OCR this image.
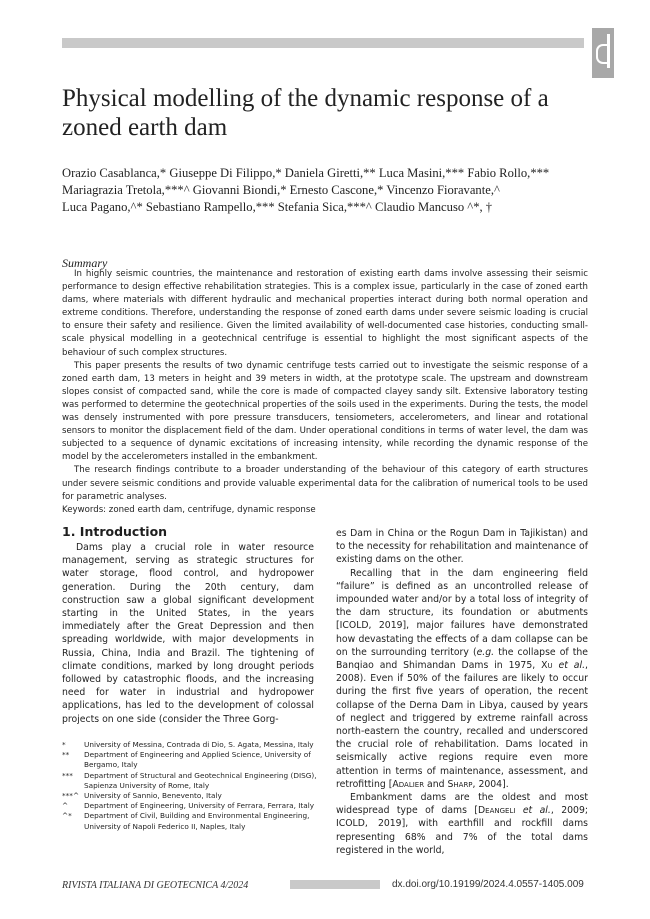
Physical modelling of the dynamic response of a zoned earth dam
Orazio Casablanca,* Giuseppe Di Filippo,* Daniela Giretti,** Luca Masini,*** Fabio Rollo,***
Mariagrazia Tretola,***^ Giovanni Biondi,* Ernesto Cascone,* Vincenzo Fioravante,^
Luca Pagano,^* Sebastiano Rampello,*** Stefania Sica,***^ Claudio Mancuso ^*, †
Summary

In highly seismic countries, the maintenance and restoration of existing earth dams involve assessing their seismic performance to design effective rehabilitation strategies. This is a complex issue, particularly in the case of zoned earth dams, where materials with different hydraulic and mechanical properties interact during both normal operation and extreme conditions. Therefore, understanding the response of zoned earth dams under severe seismic loading is crucial to ensure their safety and resilience. Given the limited availability of well-documented case histories, conducting small-scale physical modelling in a geotechnical centrifuge is essential to highlight the most significant aspects of the behaviour of such complex structures.

This paper presents the results of two dynamic centrifuge tests carried out to investigate the seismic response of a zoned earth dam, 13 meters in height and 39 meters in width, at the prototype scale. The upstream and downstream slopes consist of compacted sand, while the core is made of compacted clayey sandy silt. Extensive laboratory testing was performed to determine the geotechnical properties of the soils used in the experiments. During the tests, the model was densely instrumented with pore pressure transducers, tensiometers, accelerometers, and linear and rotational sensors to monitor the displacement field of the dam. Under operational conditions in terms of water level, the dam was subjected to a sequence of dynamic excitations of increasing intensity, while recording the dynamic response of the model by the accelerometers installed in the embankment.

The research findings contribute to a broader understanding of the behaviour of this category of earth structures under severe seismic conditions and provide valuable experimental data for the calibration of numerical tools to be used for parametric analyses.

Keywords: zoned earth dam, centrifuge, dynamic response

1. Introduction

Dams play a crucial role in water resource management, serving as strategic structures for water storage, flood control, and hydropower generation. During the 20th century, dam construction saw a global significant development starting in the United States, in the years immediately after the Great Depression and then spreading worldwide, with major developments in Russia, China, India and Brazil. The tightening of climate conditions, marked by long drought periods followed by catastrophic floods, and the increasing need for water in industrial and hydropower applications, has led to the development of colossal projects on one side (consider the Three Gorg-

es Dam in China or the Rogun Dam in Tajikistan) and to the necessity for rehabilitation and maintenance of existing dams on the other.

Recalling that in the dam engineering field “failure” is defined as an uncontrolled release of impounded water and/or by a total loss of integrity of the dam structure, its foundation or abutments [ICOLD, 2019], major failures have demonstrated how devastating the effects of a dam collapse can be on the surrounding territory (e.g. the collapse of the Banqiao and Shimandan Dams in 1975, Xu et al., 2008). Even if 50% of the failures are likely to occur during the first five years of operation, the recent collapse of the Derna Dam in Libya, caused by years of neglect and triggered by extreme rainfall across north-eastern the country, recalled and underscored the crucial role of rehabilitation. Dams located in seismically active regions require even more attention in terms of maintenance, assessment, and retrofitting [Adalier and Sharp, 2004].

Embankment dams are the oldest and most widespread type of dams [Deangeli et al., 2009; ICOLD, 2019], with earthfill and rockfill dams representing 68% and 7% of the total dams registered in the world,

*	University of Messina, Contrada di Dio, S. Agata, Messina, Italy
**	Department of Engineering and Applied Science, University of Bergamo, Italy
***	Department of Structural and Geotechnical Engineering (DISG), Sapienza University of Rome, Italy
***^ University of Sannio, Benevento, Italy
^	Department of Engineering, University of Ferrara, Ferrara, Italy
^*	Department of Civil, Building and Environmental Engineering, University of Napoli Federico II, Naples, Italy
RIVISTA ITALIANA DI GEOTECNICA 4/2024	dx.doi.org/10.19199/2024.4.0557-1405.009
